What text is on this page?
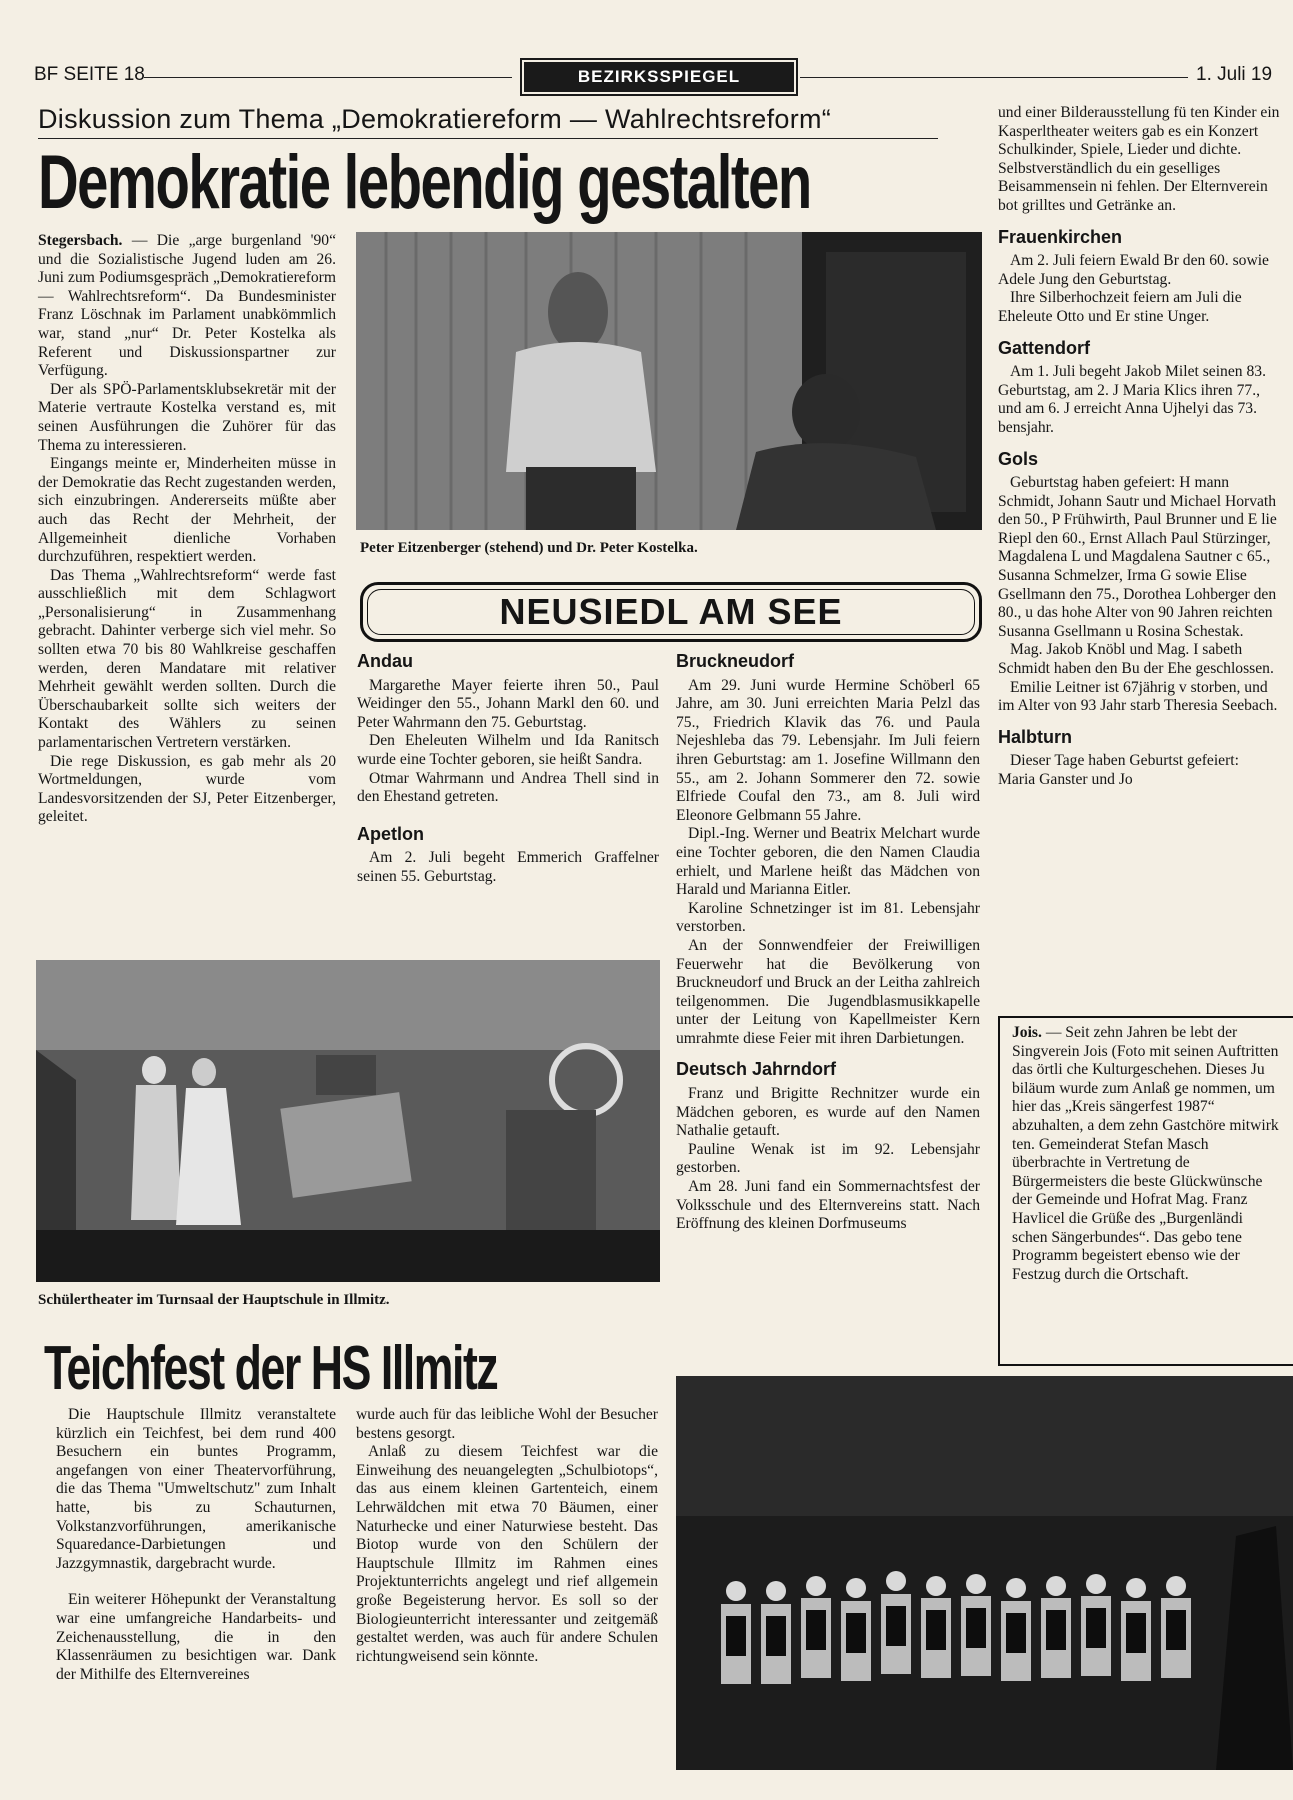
BF SEITE 18	BEZIRKSSPIEGEL	1. Juli 19
Diskussion zum Thema „Demokratiereform — Wahlrechtsreform“
Demokratie lebendig gestalten

Stegersbach. — Die „arge burgenland '90“ und die Sozialistische Jugend luden am 26. Juni zum Podiumsgespräch „Demokratiereform — Wahlrechtsreform“. Da Bundesminister Franz Löschnak im Parlament unabkömmlich war, stand „nur“ Dr. Peter Kostelka als Referent und Diskussionspartner zur Verfügung.

Der als SPÖ-Parlamentsklubsekretär mit der Materie vertraute Kostelka verstand es, mit seinen Ausführungen die Zuhörer für das Thema zu interessieren.

Eingangs meinte er, Minderheiten müsse in der Demokratie das Recht zugestanden werden, sich einzubringen. Andererseits müßte aber auch das Recht der Mehrheit, der Allgemeinheit dienliche Vorhaben durchzuführen, respektiert werden.

Das Thema „Wahlrechtsreform“ werde fast ausschließlich mit dem Schlagwort „Personalisierung“ in Zusammenhang gebracht. Dahinter verberge sich viel mehr. So sollten etwa 70 bis 80 Wahlkreise geschaffen werden, deren Mandatare mit relativer Mehrheit gewählt werden sollten. Durch die Überschaubarkeit sollte sich weiters der Kontakt des Wählers zu seinen parlamentarischen Vertretern verstärken.

Die rege Diskussion, es gab mehr als 20 Wortmeldungen, wurde vom Landesvorsitzenden der SJ, Peter Eitzenberger, geleitet.

Peter Eitzenberger (stehend) und Dr. Peter Kostelka.
NEUSIEDL AM SEE
Andau

Margarethe Mayer feierte ihren 50., Paul Weidinger den 55., Johann Markl den 60. und Peter Wahrmann den 75. Geburtstag.

Den Eheleuten Wilhelm und Ida Ranitsch wurde eine Tochter geboren, sie heißt Sandra.

Otmar Wahrmann und Andrea Thell sind in den Ehestand getreten.

Apetlon

Am 2. Juli begeht Emmerich Graffelner seinen 55. Geburtstag.

Bruckneudorf

Am 29. Juni wurde Hermine Schöberl 65 Jahre, am 30. Juni erreichten Maria Pelzl das 75., Friedrich Klavik das 76. und Paula Nejeshleba das 79. Lebensjahr. Im Juli feiern ihren Geburtstag: am 1. Josefine Willmann den 55., am 2. Johann Sommerer den 72. sowie Elfriede Coufal den 73., am 8. Juli wird Eleonore Gelbmann 55 Jahre.

Dipl.-Ing. Werner und Beatrix Melchart wurde eine Tochter geboren, die den Namen Claudia erhielt, und Marlene heißt das Mädchen von Harald und Marianna Eitler.

Karoline Schnetzinger ist im 81. Lebensjahr verstorben.

An der Sonnwendfeier der Freiwilligen Feuerwehr hat die Bevölkerung von Bruckneudorf und Bruck an der Leitha zahlreich teilgenommen. Die Jugendblasmusikkapelle unter der Leitung von Kapellmeister Kern umrahmte diese Feier mit ihren Darbietungen.

Deutsch Jahrndorf

Franz und Brigitte Rechnitzer wurde ein Mädchen geboren, es wurde auf den Namen Nathalie getauft.

Pauline Wenak ist im 92. Lebensjahr gestorben.

Am 28. Juni fand ein Sommernachtsfest der Volksschule und des Elternvereins statt. Nach Eröffnung des kleinen Dorfmuseums

und einer Bilderausstellung fü ten Kinder ein Kasperltheater weiters gab es ein Konzert Schulkinder, Spiele, Lieder und dichte. Selbstverständlich du ein geselliges Beisammensein ni fehlen. Der Elternverein bot grilltes und Getränke an.

Frauenkirchen

Am 2. Juli feiern Ewald Br den 60. sowie Adele Jung den Geburtstag.

Ihre Silberhochzeit feiern am Juli die Eheleute Otto und Er stine Unger.

Gattendorf

Am 1. Juli begeht Jakob Milet seinen 83. Geburtstag, am 2. J Maria Klics ihren 77., und am 6. J erreicht Anna Ujhelyi das 73. bensjahr.

Gols

Geburtstag haben gefeiert: H mann Schmidt, Johann Sautr und Michael Horvath den 50., P Frühwirth, Paul Brunner und E lie Riepl den 60., Ernst Allach Paul Stürzinger, Magdalena L und Magdalena Sautner c 65., Susanna Schmelzer, Irma G sowie Elise Gsellmann den 75., Dorothea Lohberger den 80., u das hohe Alter von 90 Jahren reichten Susanna Gsellmann u Rosina Schestak.

Mag. Jakob Knöbl und Mag. I sabeth Schmidt haben den Bu der Ehe geschlossen.

Emilie Leitner ist 67jährig v storben, und im Alter von 93 Jahr starb Theresia Seebach.

Halbturn

Dieser Tage haben Geburtst gefeiert: Maria Ganster und Jo

Jois. — Seit zehn Jahren be lebt der Singverein Jois (Foto mit seinen Auftritten das örtli che Kulturgeschehen. Dieses Ju biläum wurde zum Anlaß ge nommen, um hier das „Kreis sängerfest 1987“ abzuhalten, a dem zehn Gastchöre mitwirk ten. Gemeinderat Stefan Masch überbrachte in Vertretung de Bürgermeisters die beste Glückwünsche der Gemeinde und Hofrat Mag. Franz Havlicel die Grüße des „Burgenländi schen Sängerbundes“. Das gebo tene Programm begeistert ebenso wie der Festzug durch die Ortschaft.

Schülertheater im Turnsaal der Hauptschule in Illmitz.
Teichfest der HS Illmitz

Die Hauptschule Illmitz veranstaltete kürzlich ein Teichfest, bei dem rund 400 Besuchern ein buntes Programm, angefangen von einer Theatervorführung, die das Thema "Umweltschutz" zum Inhalt hatte, bis zu Schauturnen, Volkstanzvorführungen, amerikanische Squaredance-Darbietungen und Jazzgymnastik, dargebracht wurde.

Ein weiterer Höhepunkt der Veranstaltung war eine umfangreiche Handarbeits- und Zeichenausstellung, die in den Klassenräumen zu besichtigen war. Dank der Mithilfe des Elternvereines

wurde auch für das leibliche Wohl der Besucher bestens gesorgt.

Anlaß zu diesem Teichfest war die Einweihung des neuangelegten „Schulbiotops“, das aus einem kleinen Gartenteich, einem Lehrwäldchen mit etwa 70 Bäumen, einer Naturhecke und einer Naturwiese besteht. Das Biotop wurde von den Schülern der Hauptschule Illmitz im Rahmen eines Projektunterrichts angelegt und rief allgemein große Begeisterung hervor. Es soll so der Biologieunterricht interessanter und zeitgemäß gestaltet werden, was auch für andere Schulen richtungweisend sein könnte.
